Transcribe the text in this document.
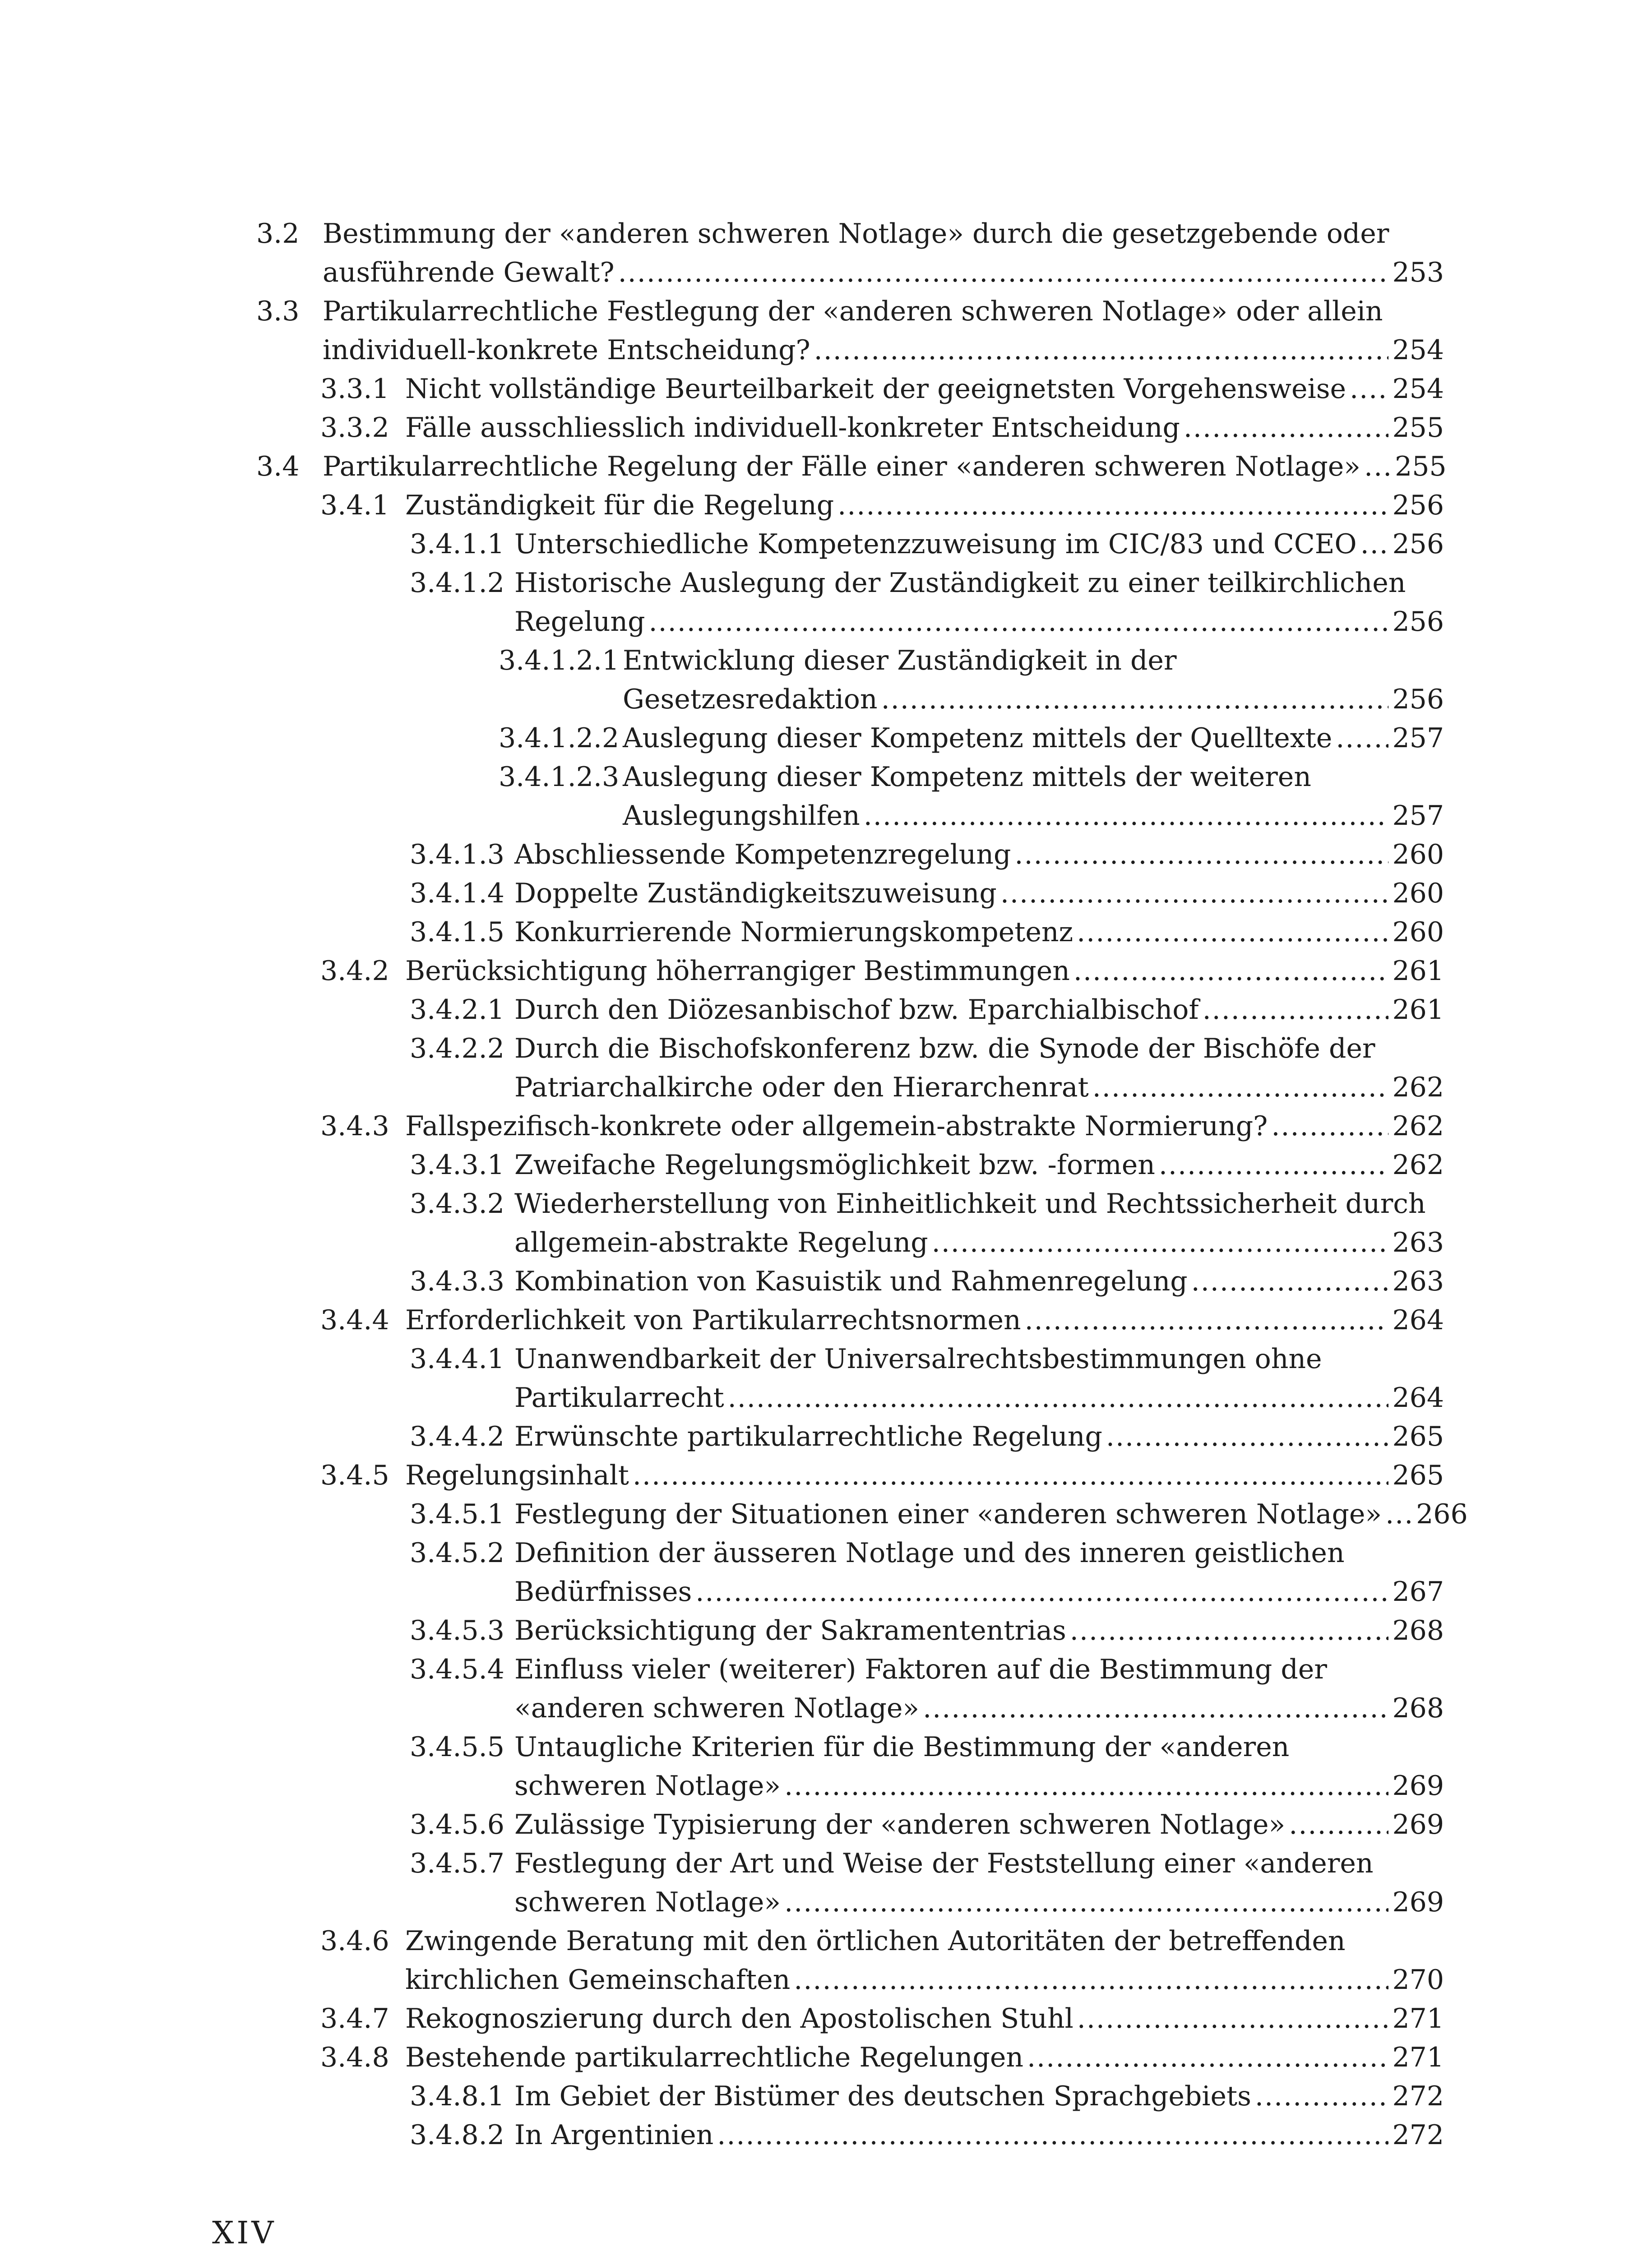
3.2 Bestimmung der «anderen schweren Notlage» durch die gesetzgebende oder
ausführende Gewalt? .....	253
3.3 Partikularrechtliche Festlegung der «anderen schweren Notlage» oder allein
individuell-konkrete Entscheidung? .....	254
3.3.1 Nicht vollständige Beurteilbarkeit der geeignetsten Vorgehensweise ..... 254
3.3.2 Fälle ausschliesslich individuell-konkreter Entscheidung .....	255
3.4 Partikularrechtliche Regelung der Fälle einer «anderen schweren Notlage» ..... 255
3.4.1 Zuständigkeit für die Regelung .....	256
3.4.1.1 Unterschiedliche Kompetenzzuweisung im CIC/83 und CCEO ..... 256
3.4.1.2 Historische Auslegung der Zuständigkeit zu einer teilkirchlichen
Regelung .....	256
3.4.1.2.1 Entwicklung dieser Zuständigkeit in der
Gesetzesredaktion .....	256
3.4.1.2.2 Auslegung dieser Kompetenz mittels der Quelltexte ..... 257
3.4.1.2.3 Auslegung dieser Kompetenz mittels der weiteren
Auslegungshilfen .....	257
3.4.1.3 Abschliessende Kompetenzregelung .....	260
3.4.1.4 Doppelte Zuständigkeitszuweisung .....	260
3.4.1.5 Konkurrierende Normierungskompetenz .....	260
3.4.2 Berücksichtigung höherrangiger Bestimmungen .....	261
3.4.2.1 Durch den Diözesanbischof bzw. Eparchialbischof .....	261
3.4.2.2 Durch die Bischofskonferenz bzw. die Synode der Bischöfe der
Patriarchalkirche oder den Hierarchenrat .....	262
3.4.3 Fallspezifisch-konkrete oder allgemein-abstrakte Normierung? .....	262
3.4.3.1 Zweifache Regelungsmöglichkeit bzw. -formen .....	262
3.4.3.2 Wiederherstellung von Einheitlichkeit und Rechtssicherheit durch
allgemein-abstrakte Regelung .....	263
3.4.3.3 Kombination von Kasuistik und Rahmenregelung .....	263
3.4.4 Erforderlichkeit von Partikularrechtsnormen .....	264
3.4.4.1 Unanwendbarkeit der Universalrechtsbestimmungen ohne
Partikularrecht .....	264
3.4.4.2 Erwünschte partikularrechtliche Regelung .....	265
3.4.5 Regelungsinhalt .....	265
3.4.5.1 Festlegung der Situationen einer «anderen schweren Notlage» ..... 266
3.4.5.2 Definition der äusseren Notlage und des inneren geistlichen
Bedürfnisses .....	267
3.4.5.3 Berücksichtigung der Sakramententrias .....	268
3.4.5.4 Einfluss vieler (weiterer) Faktoren auf die Bestimmung der
«anderen schweren Notlage» .....	268
3.4.5.5 Untaugliche Kriterien für die Bestimmung der «anderen
schweren Notlage» .....	269
3.4.5.6 Zulässige Typisierung der «anderen schweren Notlage» .....	269
3.4.5.7 Festlegung der Art und Weise der Feststellung einer «anderen
schweren Notlage» .....	269
3.4.6 Zwingende Beratung mit den örtlichen Autoritäten der betreffenden
kirchlichen Gemeinschaften .....	270
3.4.7 Rekognoszierung durch den Apostolischen Stuhl .....	271
3.4.8 Bestehende partikularrechtliche Regelungen .....	271
3.4.8.1 Im Gebiet der Bistümer des deutschen Sprachgebiets .....	272
3.4.8.2 In Argentinien .....	272
XIV
